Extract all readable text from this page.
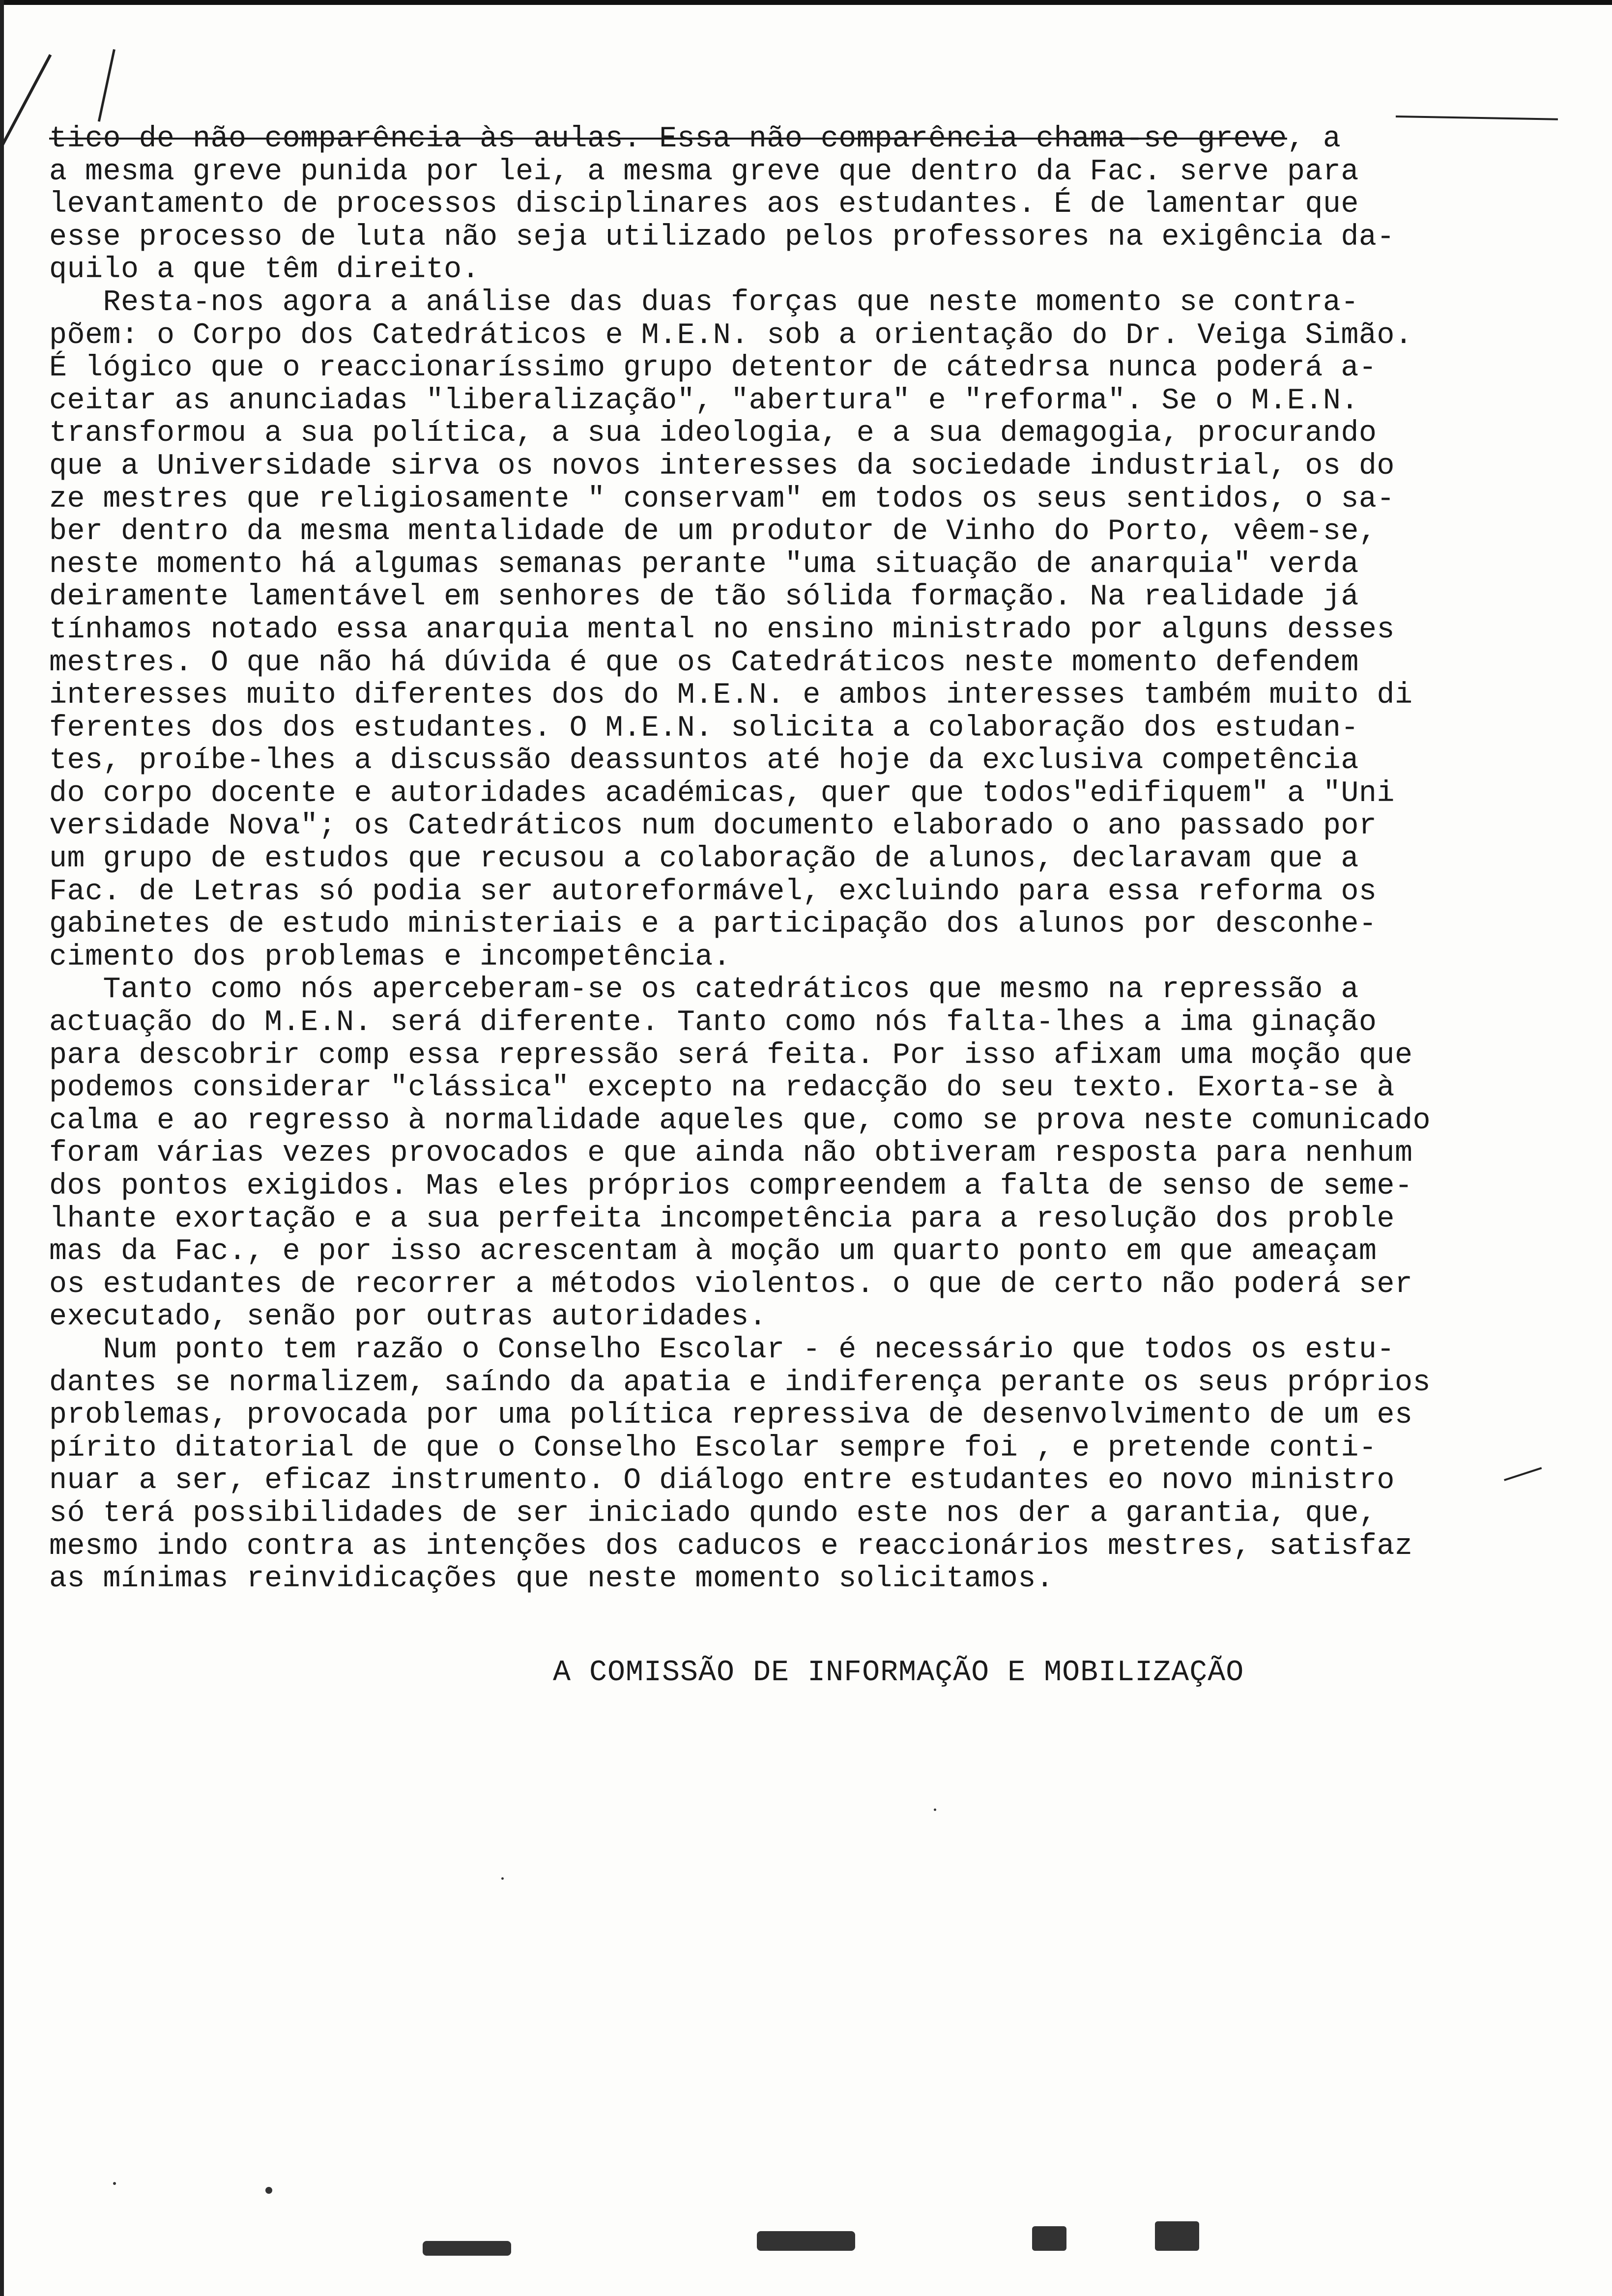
tico de não comparência às aulas. Essa não comparência chama-se greve, a
a mesma greve punida por lei, a mesma greve que dentro da Fac. serve para
levantamento de processos disciplinares aos estudantes. É de lamentar que
esse processo de luta não seja utilizado pelos professores na exigência da-
quilo a que têm direito.
Resta-nos agora a análise das duas forças que neste momento se contra-
põem: o Corpo dos Catedráticos e M.E.N. sob a orientação do Dr. Veiga Simão.
É lógico que o reaccionaríssimo grupo detentor de cátedrsa nunca poderá a-
ceitar as anunciadas "liberalização", "abertura" e "reforma". Se o M.E.N.
transformou a sua política, a sua ideologia, e a sua demagogia, procurando
que a Universidade sirva os novos interesses da sociedade industrial, os do
ze mestres que religiosamente " conservam" em todos os seus sentidos, o sa-
ber dentro da mesma mentalidade de um produtor de Vinho do Porto, vêem-se,
neste momento há algumas semanas perante "uma situação de anarquia" verda
deiramente lamentável em senhores de tão sólida formação. Na realidade já
tínhamos notado essa anarquia mental no ensino ministrado por alguns desses
mestres. O que não há dúvida é que os Catedráticos neste momento defendem
interesses muito diferentes dos do M.E.N. e ambos interesses também muito di
ferentes dos dos estudantes. O M.E.N. solicita a colaboração dos estudan-
tes, proíbe-lhes a discussão deassuntos até hoje da exclusiva competência
do corpo docente e autoridades académicas, quer que todos"edifiquem" a "Uni
versidade Nova"; os Catedráticos num documento elaborado o ano passado por
um grupo de estudos que recusou a colaboração de alunos, declaravam que a
Fac. de Letras só podia ser autoreformável, excluindo para essa reforma os
gabinetes de estudo ministeriais e a participação dos alunos por desconhe-
cimento dos problemas e incompetência.
Tanto como nós aperceberam-se os catedráticos que mesmo na repressão a
actuação do M.E.N. será diferente. Tanto como nós falta-lhes a ima ginação
para descobrir comp essa repressão será feita. Por isso afixam uma moção que
podemos considerar "clássica" excepto na redacção do seu texto. Exorta-se à
calma e ao regresso à normalidade aqueles que, como se prova neste comunicado
foram várias vezes provocados e que ainda não obtiveram resposta para nenhum
dos pontos exigidos. Mas eles próprios compreendem a falta de senso de seme-
lhante exortação e a sua perfeita incompetência para a resolução dos proble
mas da Fac., e por isso acrescentam à moção um quarto ponto em que ameaçam
os estudantes de recorrer a métodos violentos. o que de certo não poderá ser
executado, senão por outras autoridades.
Num ponto tem razão o Conselho Escolar - é necessário que todos os estu-
dantes se normalizem, saíndo da apatia e indiferença perante os seus próprios
problemas, provocada por uma política repressiva de desenvolvimento de um es
pírito ditatorial de que o Conselho Escolar sempre foi , e pretende conti-
nuar a ser, eficaz instrumento. O diálogo entre estudantes eo novo ministro
só terá possibilidades de ser iniciado qundo este nos der a garantia, que,
mesmo indo contra as intenções dos caducos e reaccionários mestres, satisfaz
as mínimas reinvidicações que neste momento solicitamos.
A COMISSÃO DE INFORMAÇÃO E MOBILIZAÇÃO
